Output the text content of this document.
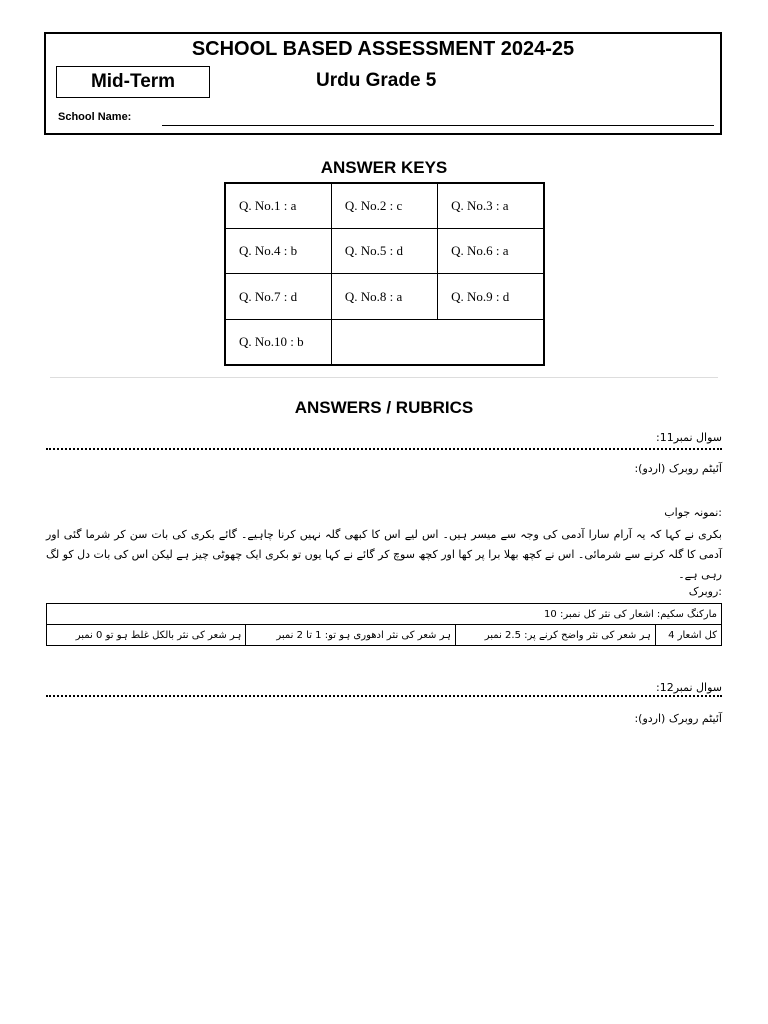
SCHOOL BASED ASSESSMENT 2024-25
Mid-Term	Urdu Grade 5
School Name:
ANSWER KEYS
Q. No.1 : a	Q. No.2 : c	Q. No.3 : a
Q. No.4 : b	Q. No.5 : d	Q. No.6 : a
Q. No.7 : d	Q. No.8 : a	Q. No.9 : d
Q. No.10 : b		
ANSWERS / RUBRICS
سوال نمبر11:
آئیٹم روبرک (اردو):
:نمونہ جواب
بکری نے کہا کہ یہ آرام سارا آدمی کی وجہ سے میسر ہیں۔ اس لیے اس کا کبھی گلہ نہیں کرنا چاہیے۔ گائے بکری کی بات سن کر شرما گئی اور آدمی کا گلہ کرنے سے شرمائی۔ اس نے کچھ بھلا برا پر کھا اور کچھ سوچ کر گائے نے کہا یوں تو بکری ایک چھوٹی چیز ہے لیکن اس کی بات دل کو لگ رہی ہے۔
:روبرک
مارکنگ سکیم: اشعار کی نثر کل نمبر: 10
کل اشعار 4	ہر شعر کی نثر واضح کرنے پر: 2.5 نمبر	ہر شعر کی نثر ادھوری ہو تو: 1 تا 2 نمبر	ہر شعر کی نثر بالکل غلط ہو تو 0 نمبر
سوال نمبر12:
آئیٹم روبرک (اردو):
